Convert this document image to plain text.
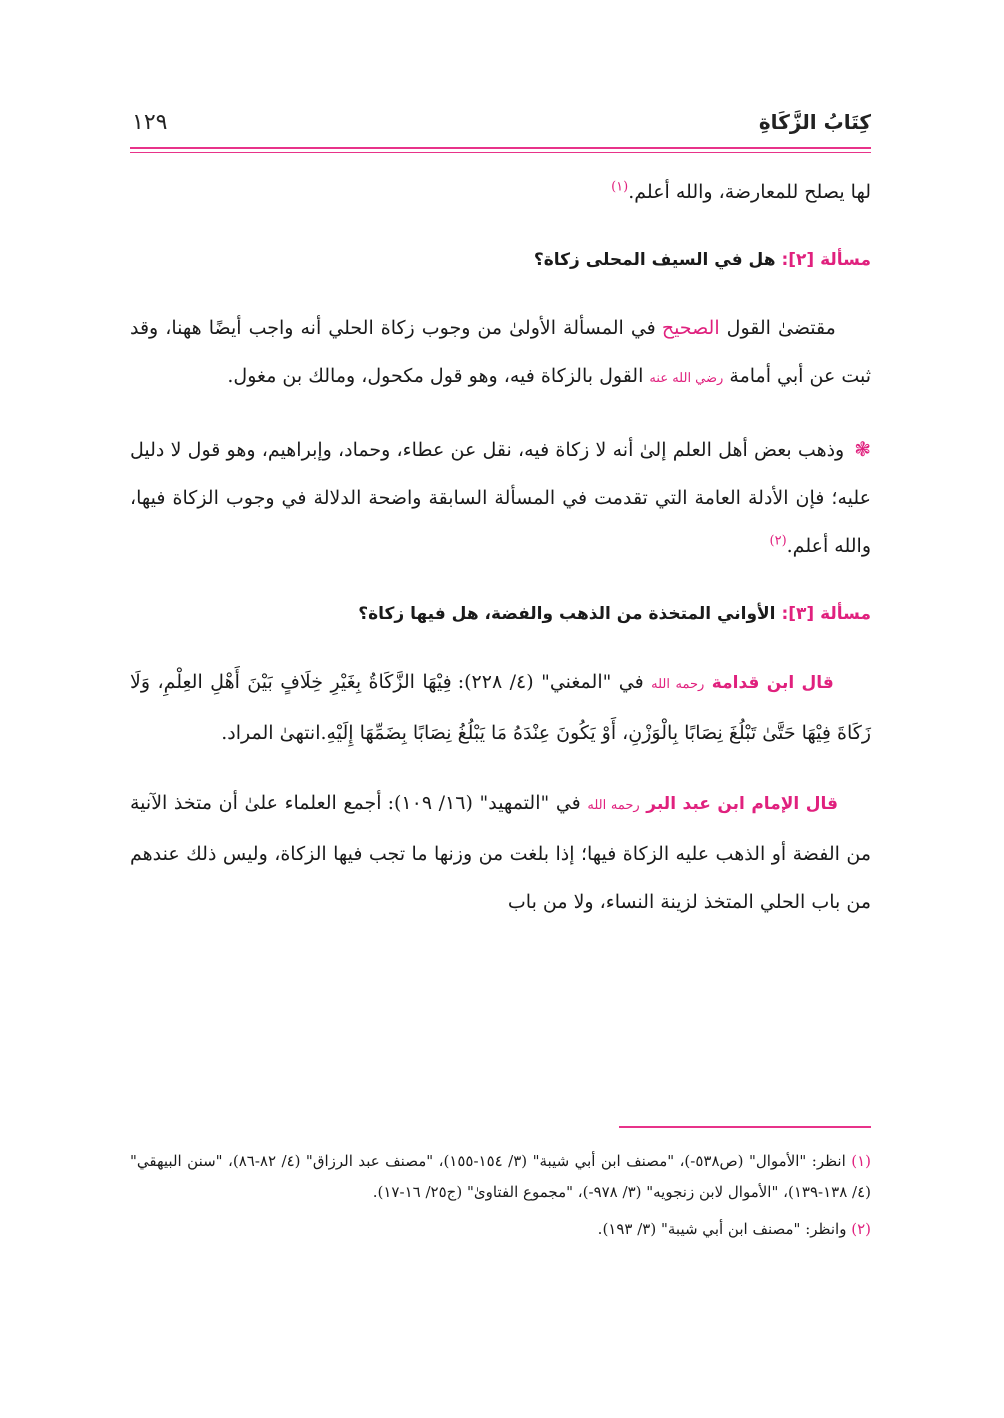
كِتَابُ الزَّكَاةِ
١٢٩

لها يصلح للمعارضة، والله أعلم.$^{(١)}$

مسألة [٢]: هل في السيف المحلى زكاة؟

مقتضىٰ القول الصحيح في المسألة الأولىٰ من وجوب زكاة الحلي أنه واجب أيضًا ههنا، وقد ثبت عن أبي أمامة رضي الله عنه القول بالزكاة فيه، وهو قول مكحول، ومالك بن مغول.

❃وذهب بعض أهل العلم إلىٰ أنه لا زكاة فيه، نقل عن عطاء، وحماد، وإبراهيم، وهو قول لا دليل عليه؛ فإن الأدلة العامة التي تقدمت في المسألة السابقة واضحة الدلالة في وجوب الزكاة فيها، والله أعلم.$^{(٢)}$

مسألة [٣]: الأواني المتخذة من الذهب والفضة، هل فيها زكاة؟

قال ابن قدامة رحمه الله في "المغني" (٤/ ٢٢٨): فِيْهَا الزَّكَاةُ بِغَيْرِ خِلَافٍ بَيْنَ أَهْلِ العِلْمِ، وَلَا زَكَاةَ فِيْهَا حَتَّىٰ تَبْلُغَ نِصَابًا بِالْوَزْنِ، أَوْ يَكُونَ عِنْدَهُ مَا يَبْلُغُ نِصَابًا بِضَمِّهَا إِلَيْهِ.انتهىٰ المراد.

قال الإمام ابن عبد البر رحمه الله في "التمهيد" (١٦/ ١٠٩): أجمع العلماء علىٰ أن متخذ الآنية من الفضة أو الذهب عليه الزكاة فيها؛ إذا بلغت من وزنها ما تجب فيها الزكاة، وليس ذلك عندهم من باب الحلي المتخذ لزينة النساء، ولا من باب

(١) انظر: "الأموال" (ص٥٣٨-)، "مصنف ابن أبي شيبة" (٣/ ١٥٤-١٥٥)، "مصنف عبد الرزاق" (٤/ ٨٢-٨٦)، "سنن البيهقي" (٤/ ١٣٨-١٣٩)، "الأموال لابن زنجويه" (٣/ ٩٧٨-)، "مجموع الفتاوىٰ" (ج٢٥/ ١٦-١٧).

(٢) وانظر: "مصنف ابن أبي شيبة" (٣/ ١٩٣).
